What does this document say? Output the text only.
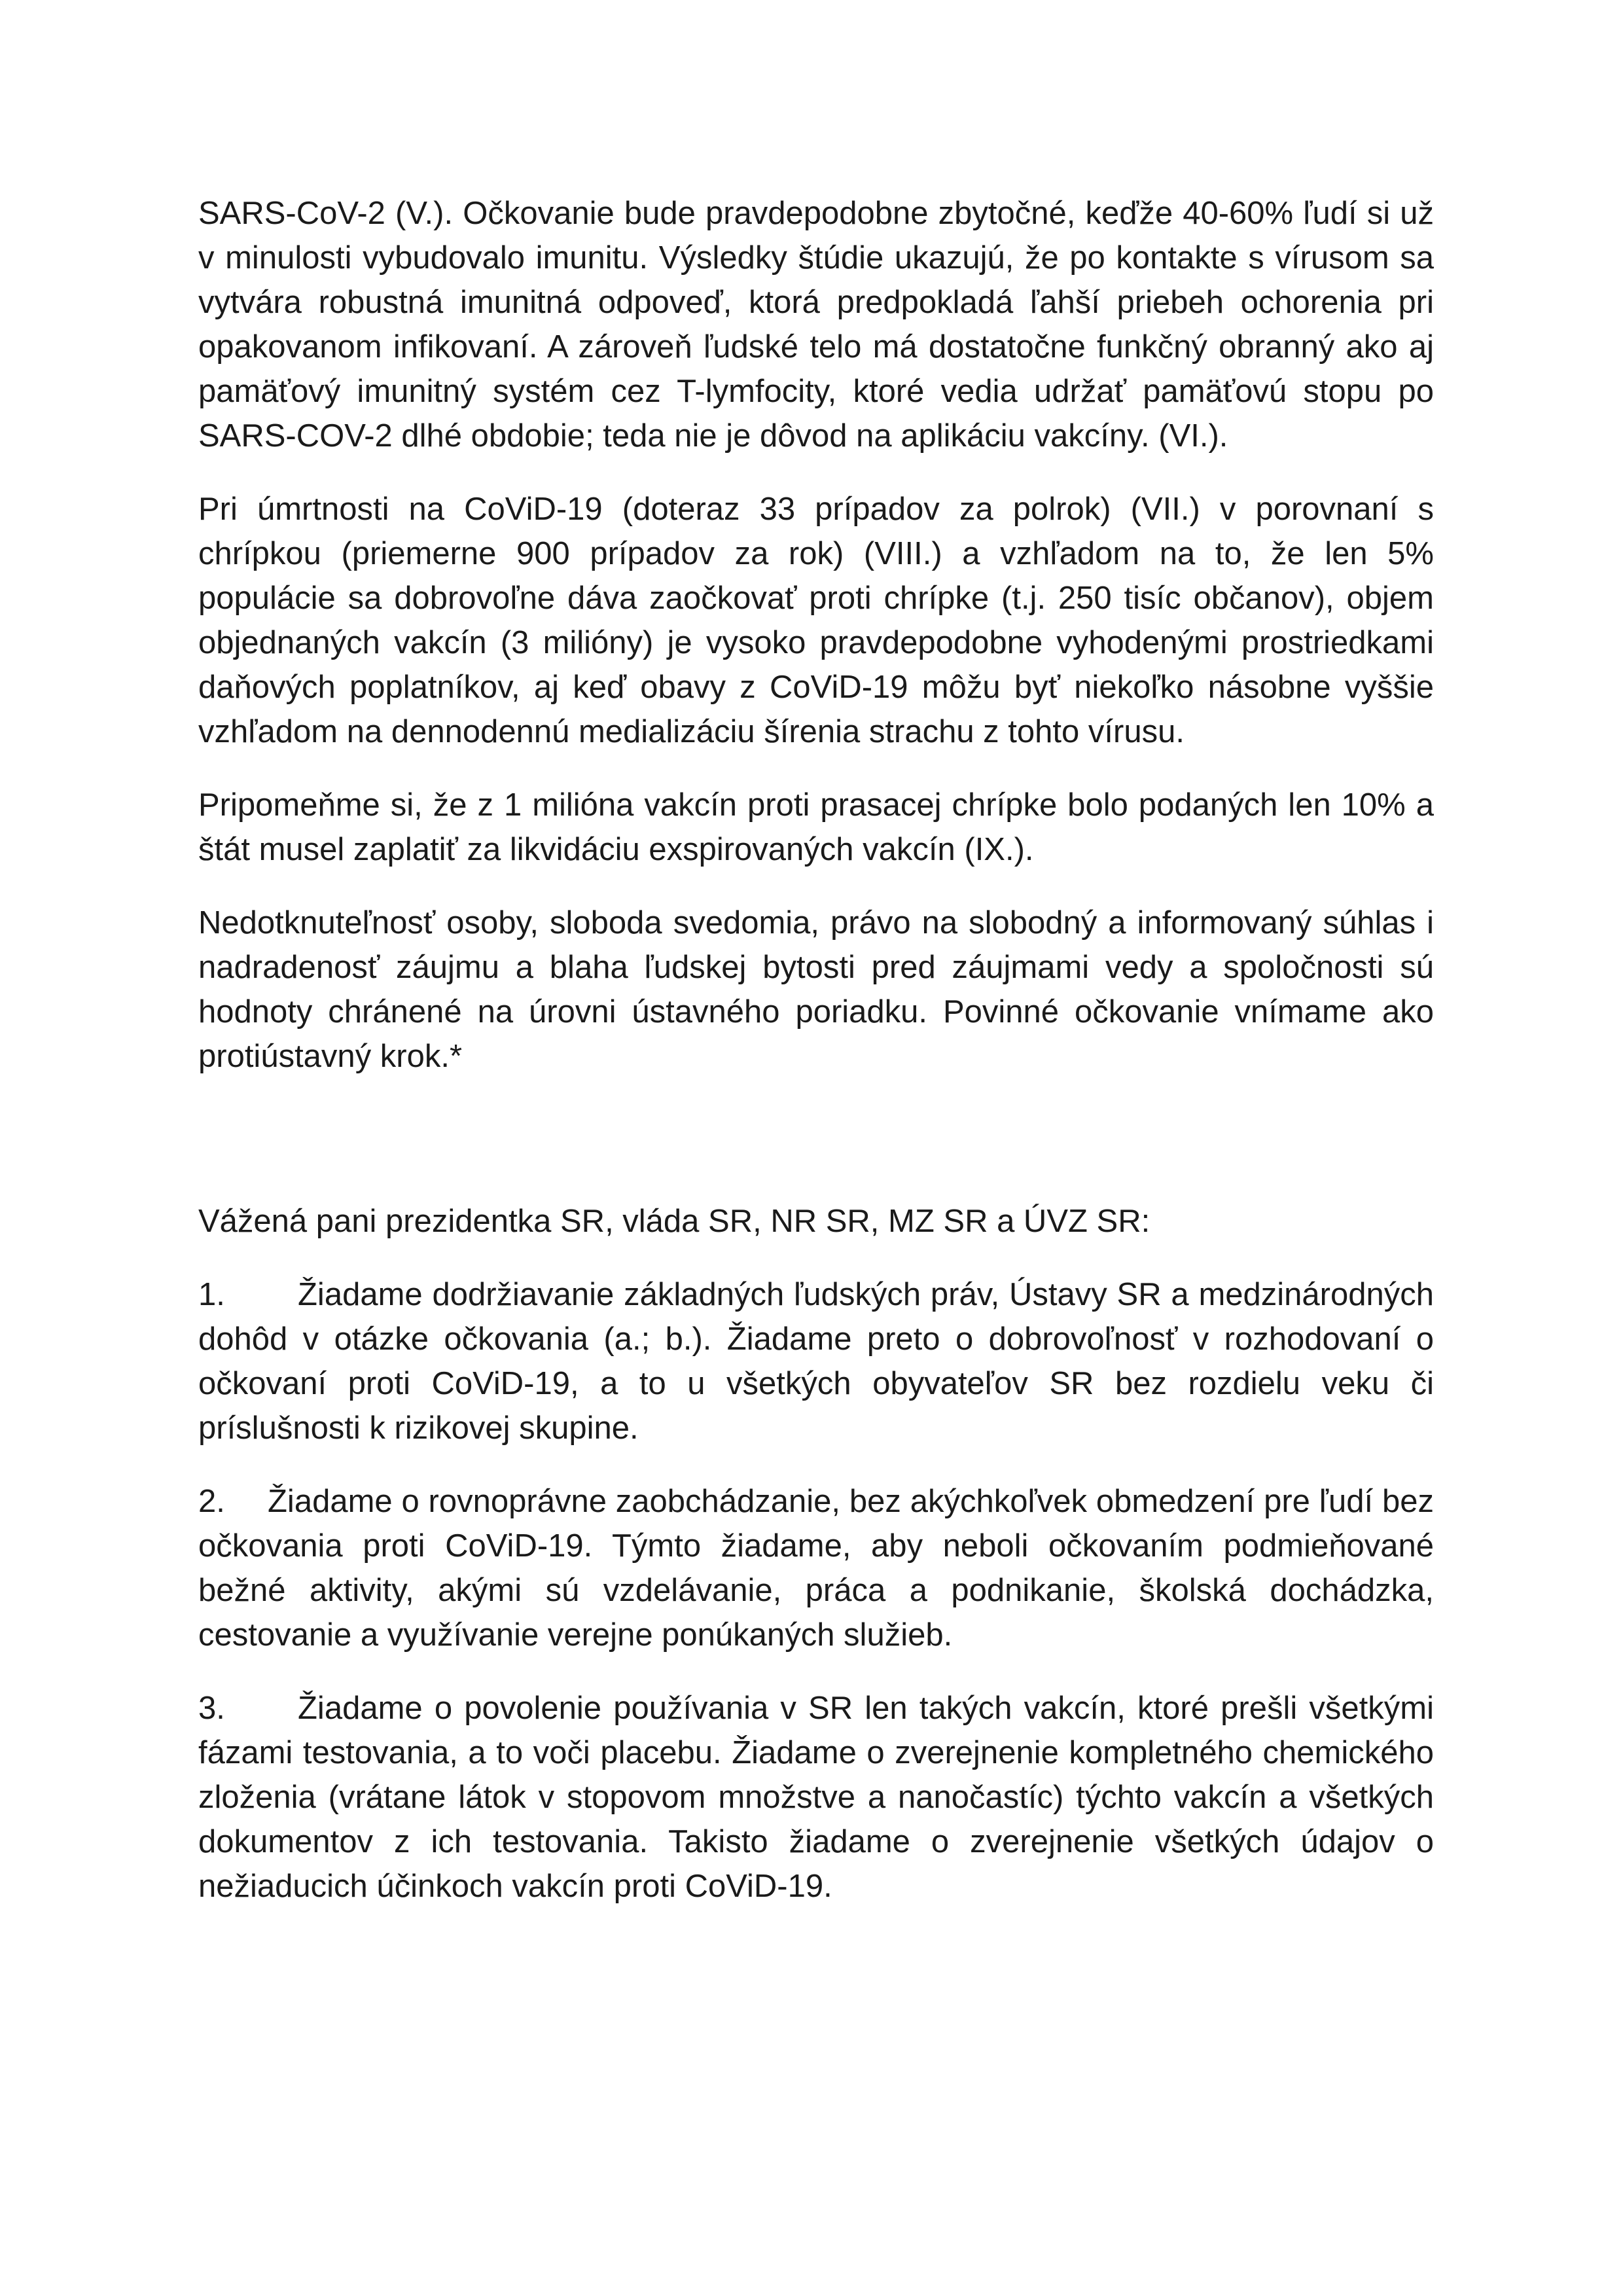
SARS-CoV-2 (V.). Očkovanie bude pravdepodobne zbytočné, keďže 40-60% ľudí si už v minulosti vybudovalo imunitu. Výsledky štúdie ukazujú, že po kontakte s vírusom sa vytvára robustná imunitná odpoveď, ktorá predpokladá ľahší priebeh ochorenia pri opakovanom infikovaní. A zároveň ľudské telo má dostatočne funkčný obranný ako aj pamäťový imunitný systém cez T-lymfocity, ktoré vedia udržať pamäťovú stopu po SARS-COV-2 dlhé obdobie; teda nie je dôvod na aplikáciu vakcíny. (VI.).

Pri úmrtnosti na CoViD-19 (doteraz 33 prípadov za polrok) (VII.) v porovnaní s chrípkou (priemerne 900 prípadov za rok) (VIII.) a vzhľadom na to, že len 5% populácie sa dobrovoľne dáva zaočkovať proti chrípke (t.j. 250 tisíc občanov), objem objednaných vakcín (3 milióny) je vysoko pravdepodobne vyhodenými prostriedkami daňových poplatníkov, aj keď obavy z CoViD-19 môžu byť niekoľko násobne vyššie vzhľadom na dennodennú medializáciu šírenia strachu z tohto vírusu.

Pripomeňme si, že z 1 milióna vakcín proti prasacej chrípke bolo podaných len 10% a štát musel zaplatiť za likvidáciu exspirovaných vakcín (IX.).

Nedotknuteľnosť osoby, sloboda svedomia, právo na slobodný a informovaný súhlas i nadradenosť záujmu a blaha ľudskej bytosti pred záujmami vedy a spoločnosti sú hodnoty chránené na úrovni ústavného poriadku. Povinné očkovanie vnímame ako protiústavný krok.*

Vážená pani prezidentka SR, vláda SR, NR SR, MZ SR a ÚVZ SR:

1. Žiadame dodržiavanie základných ľudských práv, Ústavy SR a medzinárodných dohôd v otázke očkovania (a.; b.). Žiadame preto o dobrovoľnosť v rozhodovaní o očkovaní proti CoViD-19, a to u všetkých obyvateľov SR bez rozdielu veku či príslušnosti k rizikovej skupine.

2. Žiadame o rovnoprávne zaobchádzanie, bez akýchkoľvek obmedzení pre ľudí bez očkovania proti CoViD-19. Týmto žiadame, aby neboli očkovaním podmieňované bežné aktivity, akými sú vzdelávanie, práca a podnikanie, školská dochádzka, cestovanie a využívanie verejne ponúkaných služieb.

3. Žiadame o povolenie používania v SR len takých vakcín, ktoré prešli všetkými fázami testovania, a to voči placebu. Žiadame o zverejnenie kompletného chemického zloženia (vrátane látok v stopovom množstve a nanočastíc) týchto vakcín a všetkých dokumentov z ich testovania. Takisto žiadame o zverejnenie všetkých údajov o nežiaducich účinkoch vakcín proti CoViD-19.
